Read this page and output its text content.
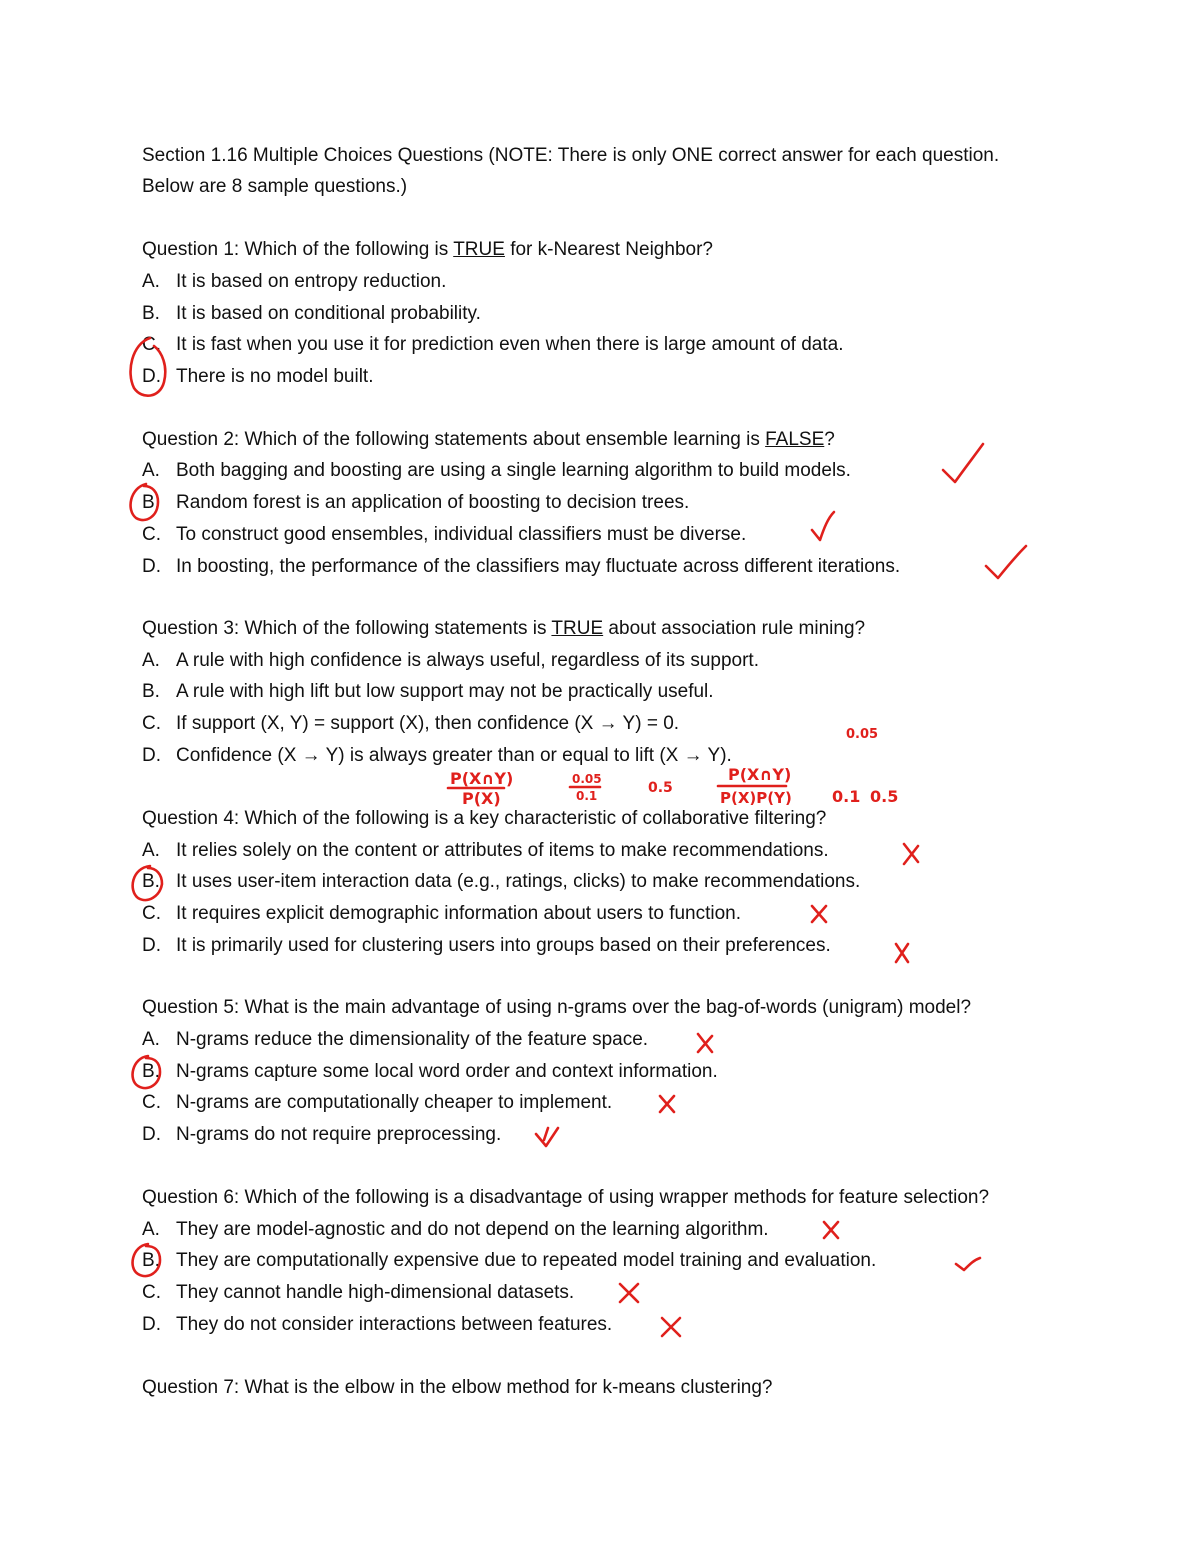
Section 1.16 Multiple Choices Questions (NOTE: There is only ONE correct answer for each question.
Below are 8 sample questions.)
Question 1: Which of the following is TRUE for k-Nearest Neighbor?
A. It is based on entropy reduction.
B. It is based on conditional probability.
C. It is fast when you use it for prediction even when there is large amount of data.
D. There is no model built.
Question 2: Which of the following statements about ensemble learning is FALSE?
A. Both bagging and boosting are using a single learning algorithm to build models.
B. Random forest is an application of boosting to decision trees.
C. To construct good ensembles, individual classifiers must be diverse.
D. In boosting, the performance of the classifiers may fluctuate across different iterations.
Question 3: Which of the following statements is TRUE about association rule mining?
A. A rule with high confidence is always useful, regardless of its support.
B. A rule with high lift but low support may not be practically useful.
C. If support (X, Y) = support (X), then confidence (X → Y) = 0.
D. Confidence (X → Y) is always greater than or equal to lift (X → Y).
Question 4: Which of the following is a key characteristic of collaborative filtering?
A. It relies solely on the content or attributes of items to make recommendations.
B. It uses user-item interaction data (e.g., ratings, clicks) to make recommendations.
C. It requires explicit demographic information about users to function.
D. It is primarily used for clustering users into groups based on their preferences.
Question 5: What is the main advantage of using n-grams over the bag-of-words (unigram) model?
A. N-grams reduce the dimensionality of the feature space.
B. N-grams capture some local word order and context information.
C. N-grams are computationally cheaper to implement.
D. N-grams do not require preprocessing.
Question 6: Which of the following is a disadvantage of using wrapper methods for feature selection?
A. They are model-agnostic and do not depend on the learning algorithm.
B. They are computationally expensive due to repeated model training and evaluation.
C. They cannot handle high-dimensional datasets.
D. They do not consider interactions between features.
Question 7: What is the elbow in the elbow method for k-means clustering?
0.05
P(X∩Y)
P(X)
0.05
0.1	0.5
P(X∩Y)
P(X)P(Y)	0.1 0.5
